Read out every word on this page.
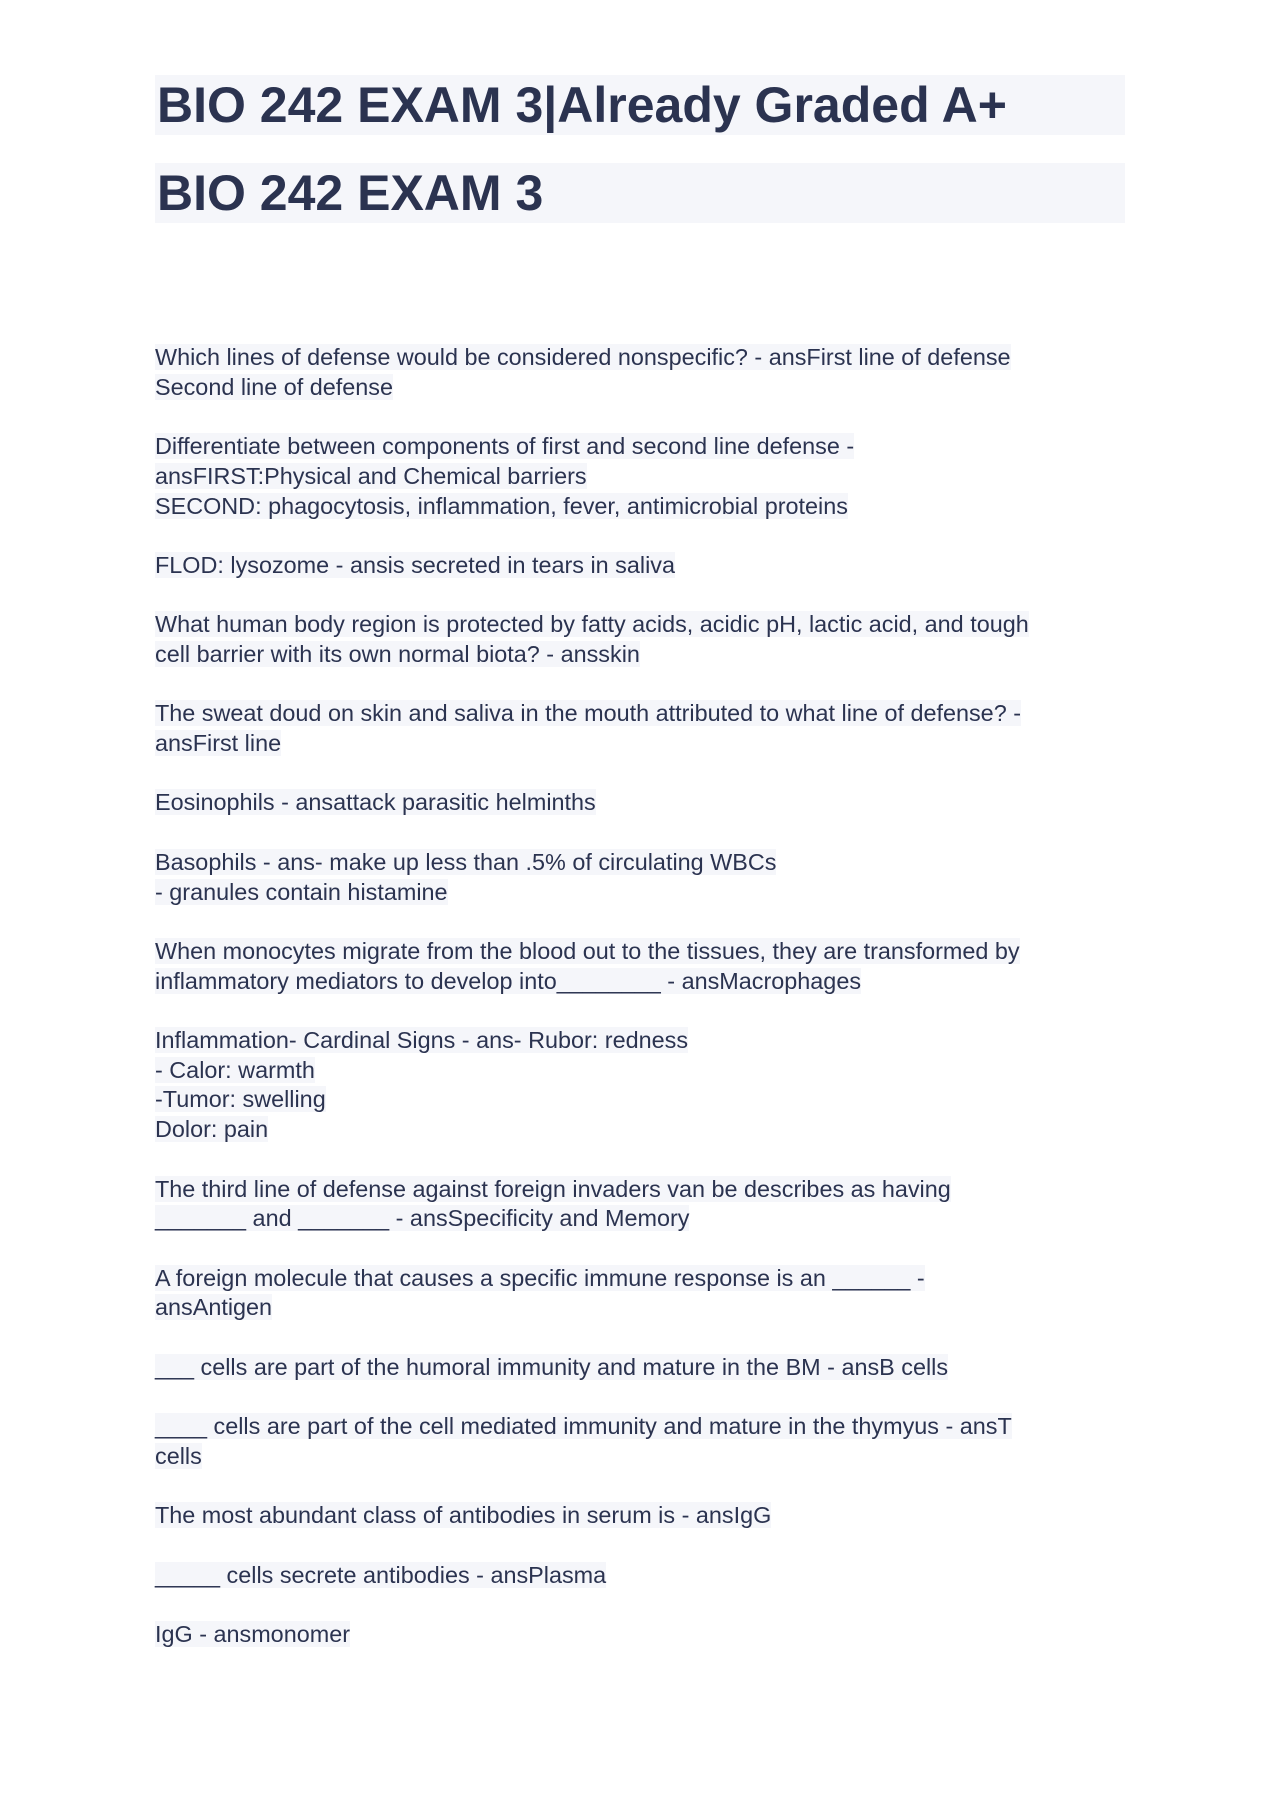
BIO 242 EXAM 3|Already Graded A+
BIO 242 EXAM 3
Which lines of defense would be considered nonspecific? - ansFirst line of defense
Second line of defense
Differentiate between components of first and second line defense -
ansFIRST:Physical and Chemical barriers
SECOND: phagocytosis, inflammation, fever, antimicrobial proteins
FLOD: lysozome - ansis secreted in tears in saliva
What human body region is protected by fatty acids, acidic pH, lactic acid, and tough
cell barrier with its own normal biota? - ansskin
The sweat doud on skin and saliva in the mouth attributed to what line of defense? -
ansFirst line
Eosinophils - ansattack parasitic helminths
Basophils - ans- make up less than .5% of circulating WBCs
- granules contain histamine
When monocytes migrate from the blood out to the tissues, they are transformed by
inflammatory mediators to develop into________ - ansMacrophages
Inflammation- Cardinal Signs - ans- Rubor: redness
- Calor: warmth
-Tumor: swelling
Dolor: pain
The third line of defense against foreign invaders van be describes as having
_______ and _______ - ansSpecificity and Memory
A foreign molecule that causes a specific immune response is an ______ -
ansAntigen
___ cells are part of the humoral immunity and mature in the BM - ansB cells
____ cells are part of the cell mediated immunity and mature in the thymyus - ansT
cells
The most abundant class of antibodies in serum is - ansIgG
_____ cells secrete antibodies - ansPlasma
IgG - ansmonomer
